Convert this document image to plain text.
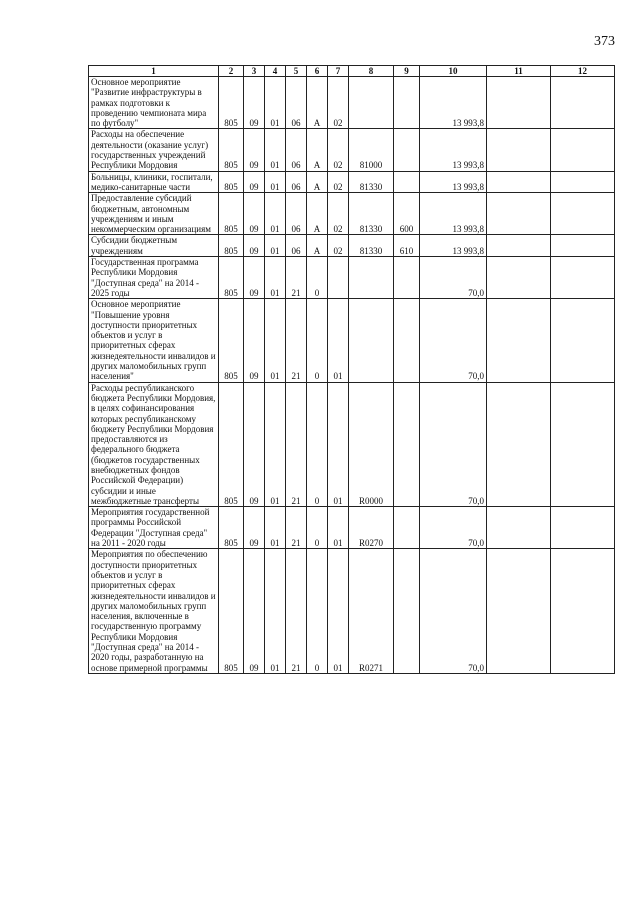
373
1	2	3	4	5	6	7	8	9	10	11	12
Основное мероприятие "Развитие инфраструктуры в рамках подготовки к проведению чемпионата мира по футболу"	805	09	01	06	А	02			13 993,8		
Расходы на обеспечение деятельности (оказание услуг) государственных учреждений Республики Мордовия	805	09	01	06	А	02	81000		13 993,8		
Больницы, клиники, госпитали, медико-санитарные части	805	09	01	06	А	02	81330		13 993,8		
Предоставление субсидий бюджетным, автономным учреждениям и иным некоммерческим организациям	805	09	01	06	А	02	81330	600	13 993,8		
Субсидии бюджетным учреждениям	805	09	01	06	А	02	81330	610	13 993,8		
Государственная программа Республики Мордовия "Доступная среда" на 2014 - 2025 годы	805	09	01	21	0				70,0		
Основное мероприятие "Повышение уровня доступности приоритетных объектов и услуг в приоритетных сферах жизнедеятельности инвалидов и других маломобильных групп населения"	805	09	01	21	0	01			70,0		
Расходы республиканского бюджета Республики Мордовия, в целях софинансирования которых республиканскому бюджету Республики Мордовия предоставляются из федерального бюджета (бюджетов государственных внебюджетных фондов Российской Федерации) субсидии и иные межбюджетные трансферты	805	09	01	21	0	01	R0000		70,0		
Мероприятия государственной программы Российской Федерации "Доступная среда" на 2011 - 2020 годы	805	09	01	21	0	01	R0270		70,0		
Мероприятия по обеспечению доступности приоритетных объектов и услуг в приоритетных сферах жизнедеятельности инвалидов и других маломобильных групп населения, включенные в государственную программу Республики Мордовия "Доступная среда" на 2014 - 2020 годы, разработанную на основе примерной программы	805	09	01	21	0	01	R0271		70,0		
